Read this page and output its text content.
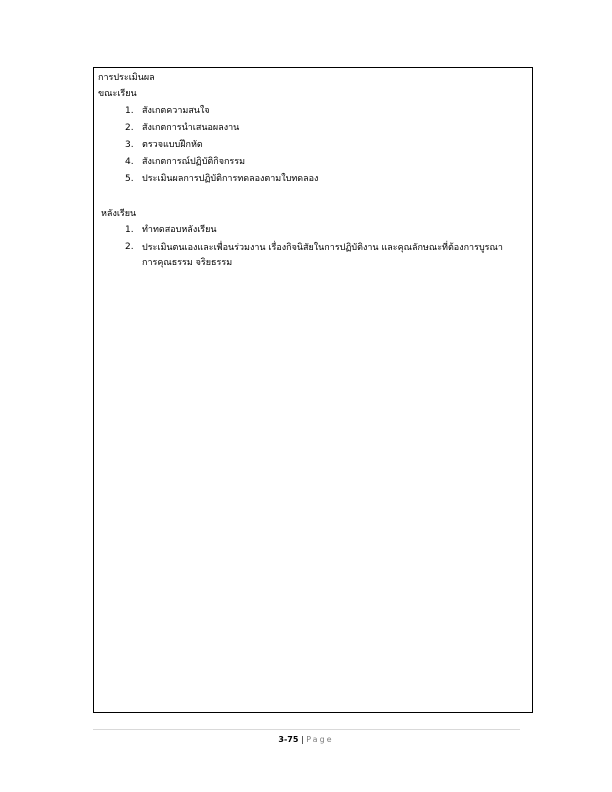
การประเมินผล
ขณะเรียน
1. สังเกตความสนใจ
2. สังเกตการนำเสนอผลงาน
3. ตรวจแบบฝึกหัด
4. สังเกตการณ์ปฏิบัติกิจกรรม
5. ประเมินผลการปฏิบัติการทดลองตามใบทดลอง
หลังเรียน
1. ทำทดสอบหลังเรียน
2. ประเมินตนเองและเพื่อนร่วมงาน เรื่องกิจนิสัยในการปฏิบัติงาน และคุณลักษณะที่ต้องการบูรณาการคุณธรรม จริยธรรม
3-75 | Page
